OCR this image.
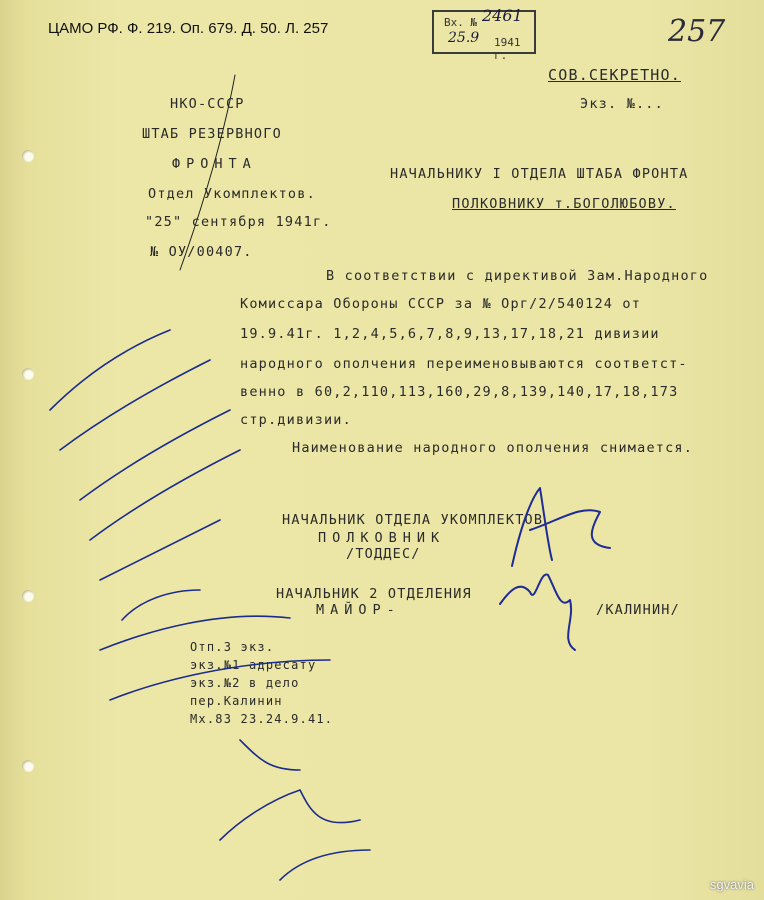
ЦАМО РФ. Ф. 219. Оп. 679. Д. 50. Л. 257	Вх. № 2461
25.9 1941 г.
257
СОВ.СЕКРЕТНО.
Экз. №...
НКО-СССР
ШТАБ РЕЗЕРВНОГО
ФРОНТА
Отдел Укомплектов.
"25" сентября 1941г.
№ ОУ/00407.
НАЧАЛЬНИКУ I ОТДЕЛА ШТАБА ФРОНТА
ПОЛКОВНИКУ т.БОГОЛЮБОВУ.
В соответствии с директивой Зам.Народного
Комиссара Обороны СССР за № Орг/2/540124 от
19.9.41г. 1,2,4,5,6,7,8,9,13,17,18,21 дивизии
народного ополчения переименовываются соответст-
венно в 60,2,110,113,160,29,8,139,140,17,18,173
стр.дивизии.
Наименование народного ополчения снимается.
НАЧАЛЬНИК ОТДЕЛА УКОМПЛЕКТОВ
ПОЛКОВНИК
/ТОДДЕС/
НАЧАЛЬНИК 2 ОТДЕЛЕНИЯ
МАЙОР-	/КАЛИНИН/
Отп.3 экз.
экз.№1 адресату
экз.№2 в дело
пер.Калинин
Мх.83 23.24.9.41.
sgvavia
